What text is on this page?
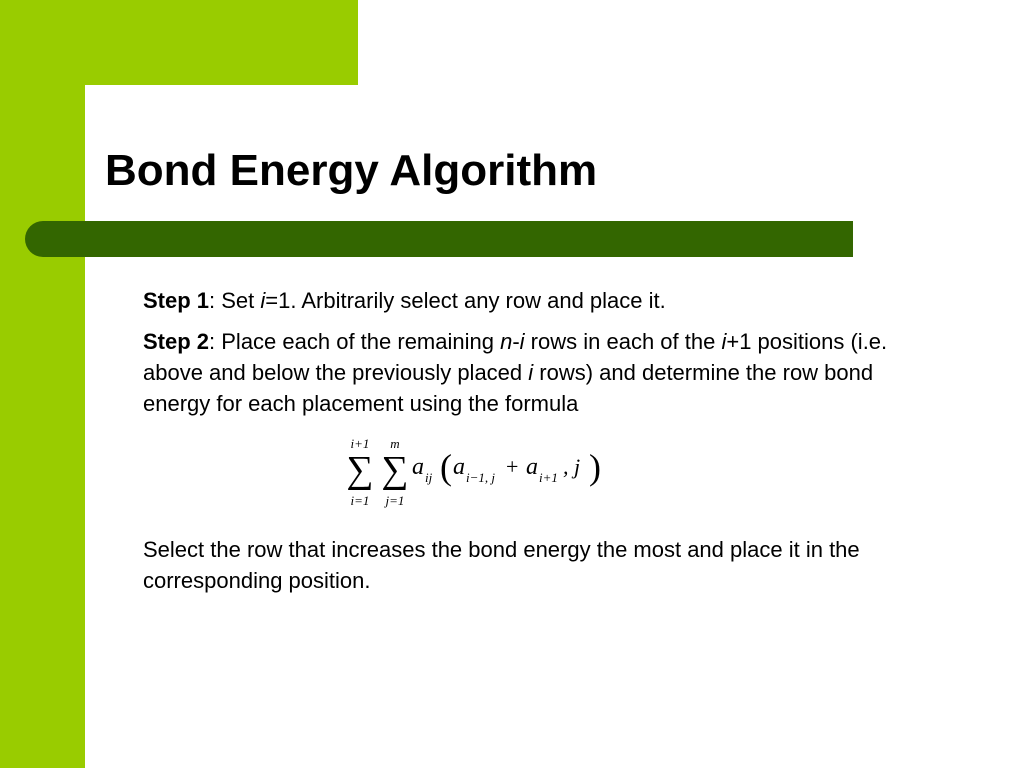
Bond Energy Algorithm

Step 1: Set i=1. Arbitrarily select any row and place it.

Step 2: Place each of the remaining n-i rows in each of the i+1 positions (i.e. above and below the previously placed i rows) and determine the row bond energy for each placement using the formula

i+1
∑
i=1
m
∑
j=1
a ij ( a i−1, j + a i+1 , j )

Select the row that increases the bond energy the most and place it in the corresponding position.
